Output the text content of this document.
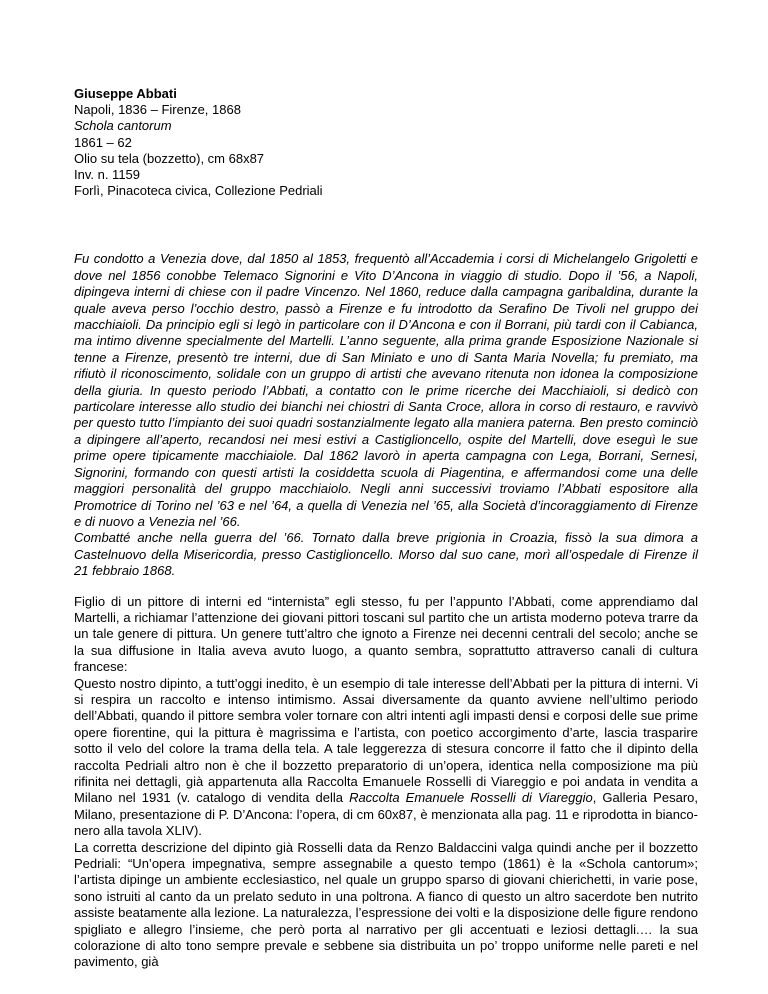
Giuseppe Abbati
Napoli, 1836 – Firenze, 1868
Schola cantorum
1861 – 62
Olio su tela (bozzetto), cm 68x87
Inv. n. 1159
Forlì, Pinacoteca civica, Collezione Pedriali

Fu condotto a Venezia dove, dal 1850 al 1853, frequentò all’Accademia i corsi di Michelangelo Grigoletti e dove nel 1856 conobbe Telemaco Signorini e Vito D’Ancona in viaggio di studio. Dopo il ’56, a Napoli, dipingeva interni di chiese con il padre Vincenzo. Nel 1860, reduce dalla campagna garibaldina, durante la quale aveva perso l’occhio destro, passò a Firenze e fu introdotto da Serafino De Tivoli nel gruppo dei macchiaioli. Da principio egli si legò in particolare con il D’Ancona e con il Borrani, più tardi con il Cabianca, ma intimo divenne specialmente del Martelli. L’anno seguente, alla prima grande Esposizione Nazionale si tenne a Firenze, presentò tre interni, due di San Miniato e uno di Santa Maria Novella; fu premiato, ma rifiutò il riconoscimento, solidale con un gruppo di artisti che avevano ritenuta non idonea la composizione della giuria. In questo periodo l’Abbati, a contatto con le prime ricerche dei Macchiaioli, si dedicò con particolare interesse allo studio dei bianchi nei chiostri di Santa Croce, allora in corso di restauro, e ravvivò per questo tutto l’impianto dei suoi quadri sostanzialmente legato alla maniera paterna. Ben presto cominciò a dipingere all’aperto, recandosi nei mesi estivi a Castiglioncello, ospite del Martelli, dove eseguì le sue prime opere tipicamente macchiaiole. Dal 1862 lavorò in aperta campagna con Lega, Borrani, Sernesi, Signorini, formando con questi artisti la cosiddetta scuola di Piagentina, e affermandosi come una delle maggiori personalità del gruppo macchiaiolo. Negli anni successivi troviamo l’Abbati espositore alla Promotrice di Torino nel ’63 e nel ’64, a quella di Venezia nel ’65, alla Società d’incoraggiamento di Firenze e di nuovo a Venezia nel ’66.

Combatté anche nella guerra del ’66. Tornato dalla breve prigionia in Croazia, fissò la sua dimora a Castelnuovo della Misericordia, presso Castiglioncello. Morso dal suo cane, morì all’ospedale di Firenze il 21 febbraio 1868.

Figlio di un pittore di interni ed “internista” egli stesso, fu per l’appunto l’Abbati, come apprendiamo dal Martelli, a richiamar l’attenzione dei giovani pittori toscani sul partito che un artista moderno poteva trarre da un tale genere di pittura. Un genere tutt’altro che ignoto a Firenze nei decenni centrali del secolo; anche se la sua diffusione in Italia aveva avuto luogo, a quanto sembra, soprattutto attraverso canali di cultura francese:

Questo nostro dipinto, a tutt’oggi inedito, è un esempio di tale interesse dell’Abbati per la pittura di interni. Vi si respira un raccolto e intenso intimismo. Assai diversamente da quanto avviene nell’ultimo periodo dell’Abbati, quando il pittore sembra voler tornare con altri intenti agli impasti densi e corposi delle sue prime opere fiorentine, qui la pittura è magrissima e l’artista, con poetico accorgimento d’arte, lascia trasparire sotto il velo del colore la trama della tela. A tale leggerezza di stesura concorre il fatto che il dipinto della raccolta Pedriali altro non è che il bozzetto preparatorio di un’opera, identica nella composizione ma più rifinita nei dettagli, già appartenuta alla Raccolta Emanuele Rosselli di Viareggio e poi andata in vendita a Milano nel 1931 (v. catalogo di vendita della Raccolta Emanuele Rosselli di Viareggio, Galleria Pesaro, Milano, presentazione di P. D’Ancona: l’opera, di cm 60x87, è menzionata alla pag. 11 e riprodotta in bianco- nero alla tavola XLIV).

La corretta descrizione del dipinto già Rosselli data da Renzo Baldaccini valga quindi anche per il bozzetto Pedriali: “Un’opera impegnativa, sempre assegnabile a questo tempo (1861) è la «Schola cantorum»; l’artista dipinge un ambiente ecclesiastico, nel quale un gruppo sparso di giovani chierichetti, in varie pose, sono istruiti al canto da un prelato seduto in una poltrona. A fianco di questo un altro sacerdote ben nutrito assiste beatamente alla lezione. La naturalezza, l’espressione dei volti e la disposizione delle figure rendono spigliato e allegro l’insieme, che però porta al narrativo per gli accentuati e leziosi dettagli.… la sua colorazione di alto tono sempre prevale e sebbene sia distribuita un po’ troppo uniforme nelle pareti e nel pavimento, già
